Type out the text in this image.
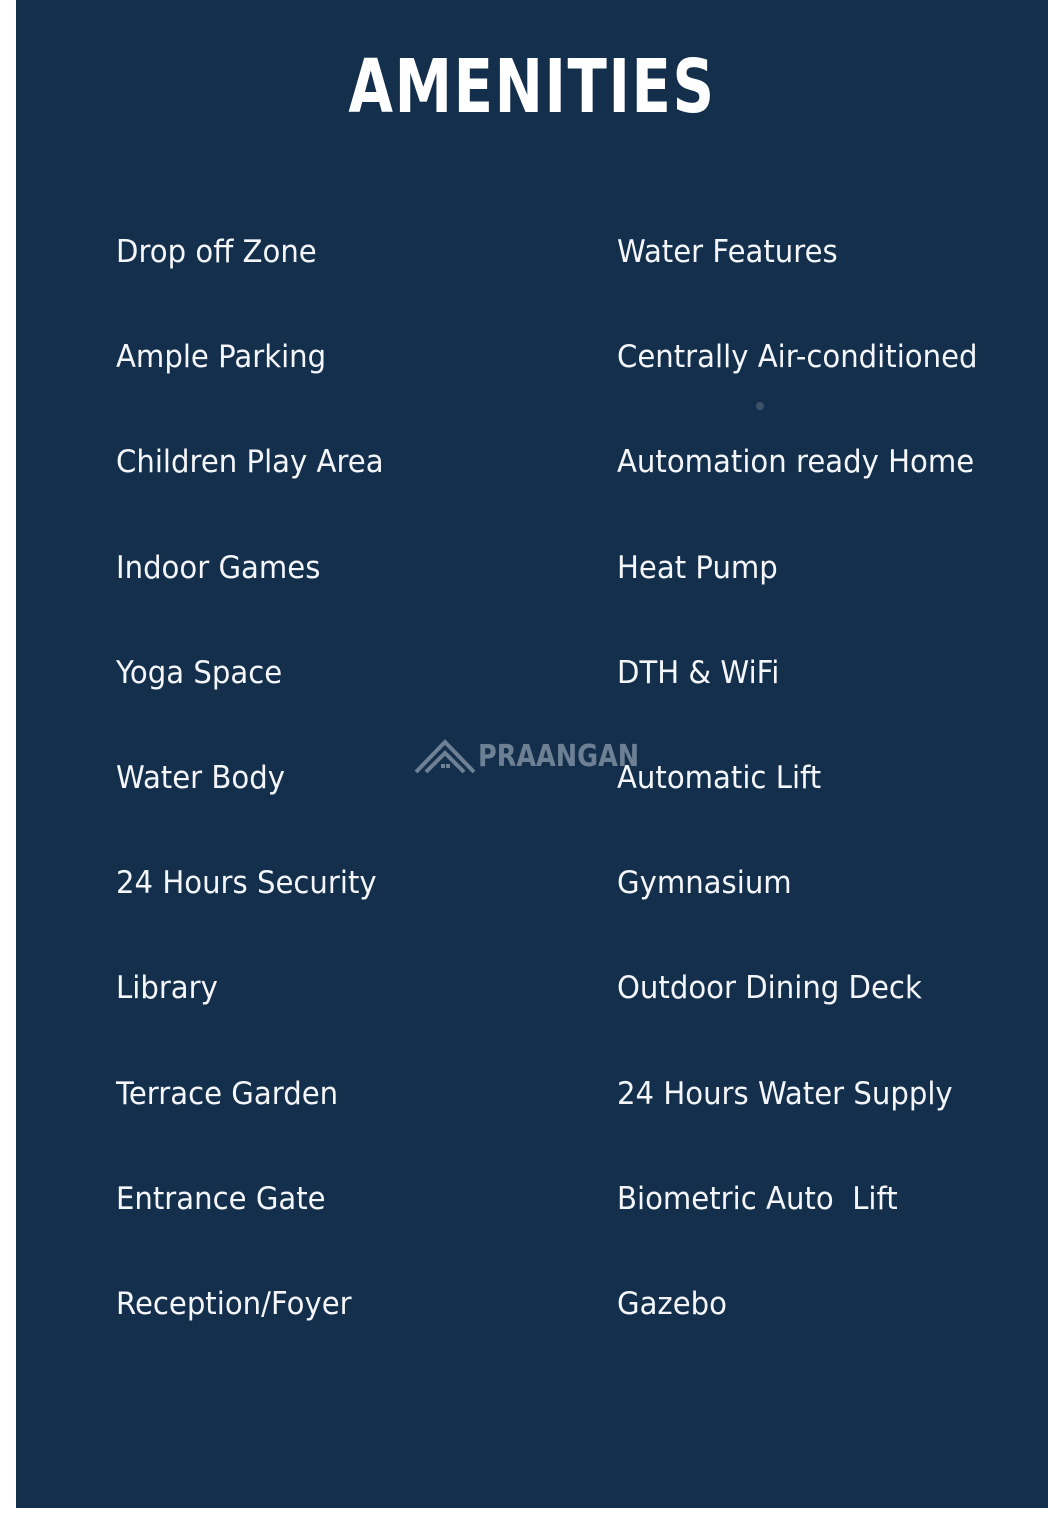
AMENITIES
Drop off Zone
Ample Parking
Children Play Area
Indoor Games
Yoga Space
Water Body
24 Hours Security
Library
Terrace Garden
Entrance Gate
Reception/Foyer
Water Features
Centrally Air-conditioned
Automation ready Home
Heat Pump
DTH & WiFi
Automatic Lift
Gymnasium
Outdoor Dining Deck
24 Hours Water Supply
Biometric Auto  Lift
Gazebo
PRAANGAN
